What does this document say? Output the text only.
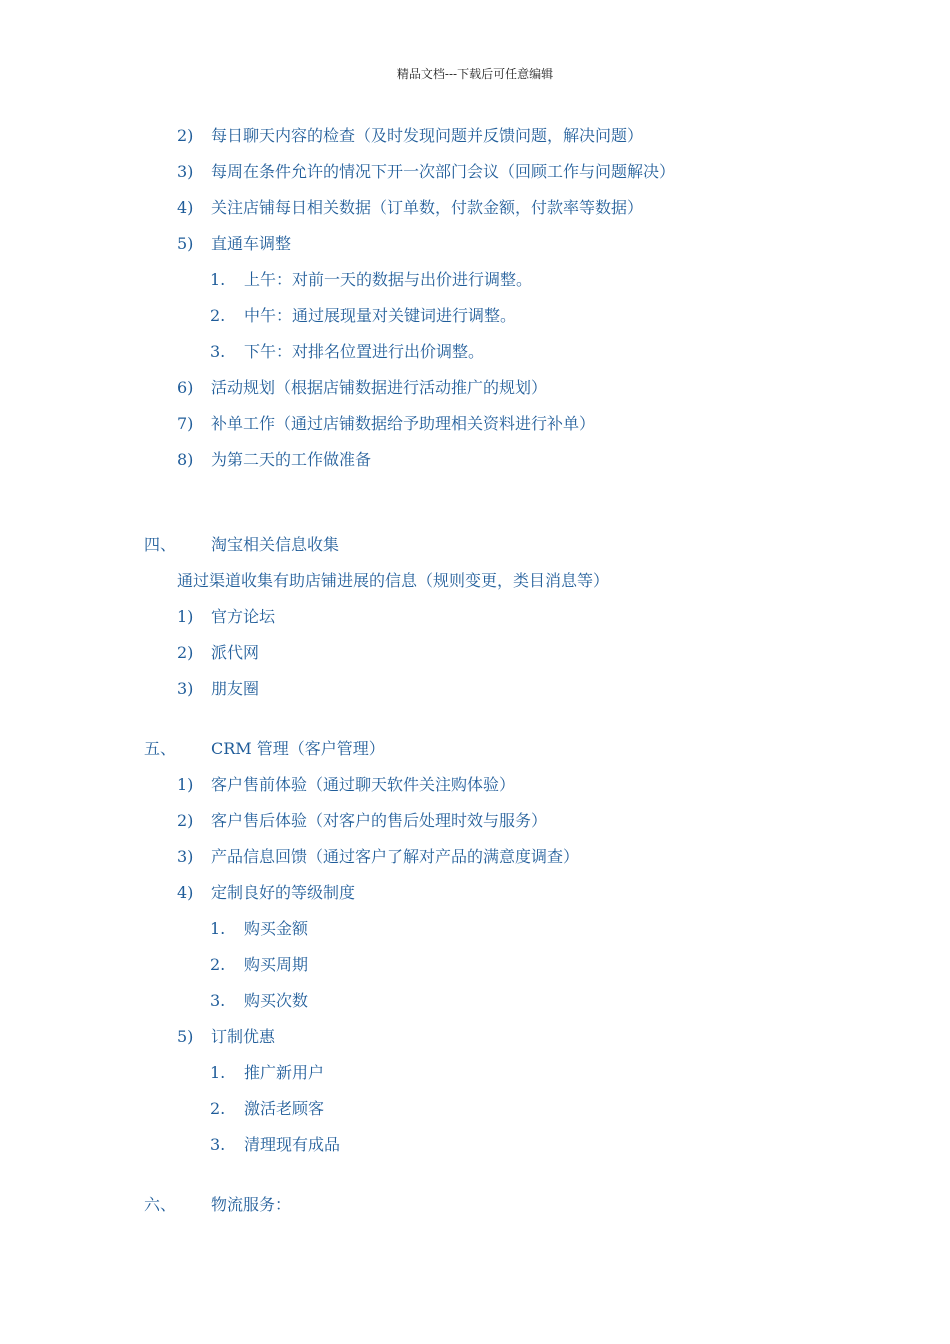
精品文档---下载后可任意编辑
2) 每日聊天内容的检查（及时发现问题并反馈问题，解决问题）
3) 每周在条件允许的情况下开一次部门会议（回顾工作与问题解决）
4) 关注店铺每日相关数据（订单数，付款金额，付款率等数据）
5) 直通车调整
1. 上午：对前一天的数据与出价进行调整。
2. 中午：通过展现量对关键词进行调整。
3. 下午：对排名位置进行出价调整。
6) 活动规划（根据店铺数据进行活动推广的规划）
7) 补单工作（通过店铺数据给予助理相关资料进行补单）
8) 为第二天的工作做准备
四、 淘宝相关信息收集
通过渠道收集有助店铺进展的信息（规则变更，类目消息等）
1) 官方论坛
2) 派代网
3) 朋友圈
五、 CRM 管理（客户管理）
1) 客户售前体验（通过聊天软件关注购体验）
2) 客户售后体验（对客户的售后处理时效与服务）
3) 产品信息回馈（通过客户了解对产品的满意度调查）
4) 定制良好的等级制度
1. 购买金额
2. 购买周期
3. 购买次数
5) 订制优惠
1. 推广新用户
2. 激活老顾客
3. 清理现有成品
六、 物流服务：
